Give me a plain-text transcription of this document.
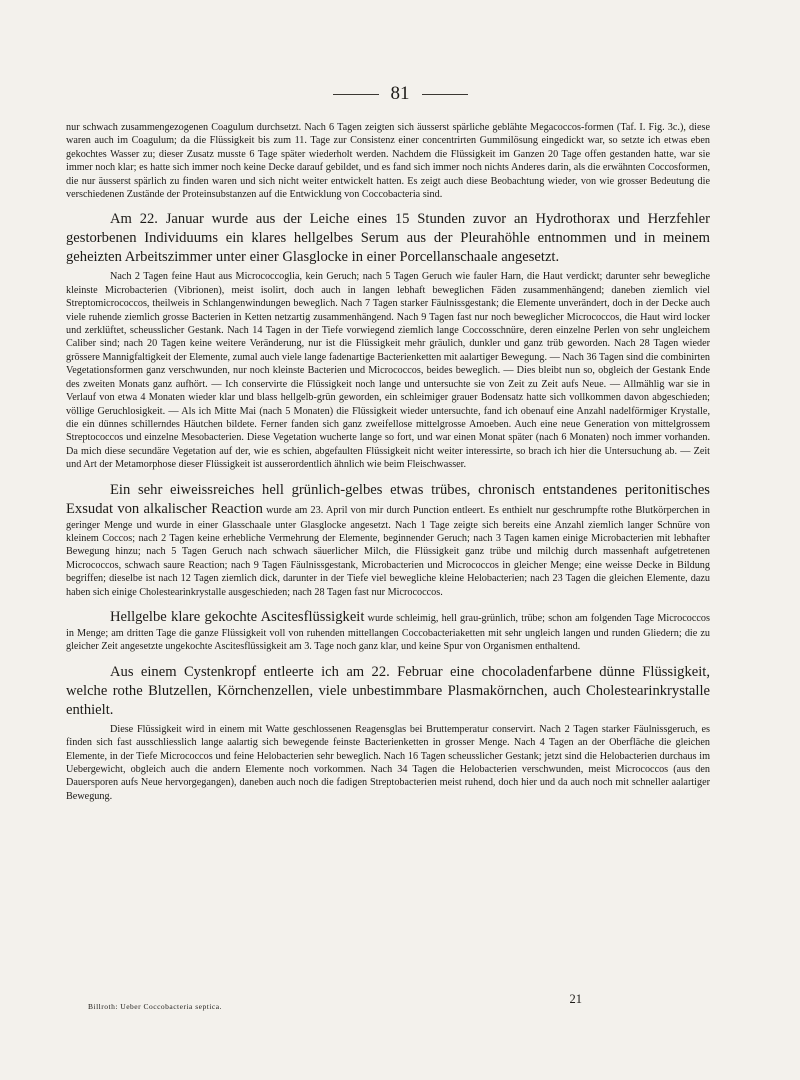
81

nur schwach zusammengezogenen Coagulum durchsetzt. Nach 6 Tagen zeigten sich äusserst spärliche geblähte Megacoccos-formen (Taf. I. Fig. 3c.), diese waren auch im Coagulum; da die Flüssigkeit bis zum 11. Tage zur Consistenz einer concentrirten Gummilösung eingedickt war, so setzte ich etwas eben gekochtes Wasser zu; dieser Zusatz musste 6 Tage später wiederholt werden. Nachdem die Flüssigkeit im Ganzen 20 Tage offen gestanden hatte, war sie immer noch klar; es hatte sich immer noch keine Decke darauf gebildet, und es fand sich immer noch nichts Anderes darin, als die erwähnten Coccosformen, die nur äusserst spärlich zu finden waren und sich nicht weiter entwickelt hatten. Es zeigt auch diese Beobachtung wieder, von wie grosser Bedeutung die verschiedenen Zustände der Proteinsubstanzen auf die Entwicklung von Coccobacteria sind.

Am 22. Januar wurde aus der Leiche eines 15 Stunden zuvor an Hydrothorax und Herzfehler gestorbenen Individuums ein klares hellgelbes Serum aus der Pleurahöhle entnommen und in meinem geheizten Arbeitszimmer unter einer Glasglocke in einer Porcellanschaale angesetzt.

Nach 2 Tagen feine Haut aus Micrococcoglia, kein Geruch; nach 5 Tagen Geruch wie fauler Harn, die Haut verdickt; darunter sehr bewegliche kleinste Microbacterien (Vibrionen), meist isolirt, doch auch in langen lebhaft beweglichen Fäden zusammenhängend; daneben ziemlich viel Streptomicrococcos, theilweis in Schlangenwindungen beweglich. Nach 7 Tagen starker Fäulnissgestank; die Elemente unverändert, doch in der Decke auch viele ruhende ziemlich grosse Bacterien in Ketten netzartig zusammenhängend. Nach 9 Tagen fast nur noch beweglicher Micrococcos, die Haut wird locker und zerklüftet, scheusslicher Gestank. Nach 14 Tagen in der Tiefe vorwiegend ziemlich lange Coccosschnüre, deren einzelne Perlen von sehr ungleichem Caliber sind; nach 20 Tagen keine weitere Veränderung, nur ist die Flüssigkeit mehr gräulich, dunkler und ganz trüb geworden. Nach 28 Tagen wieder grössere Mannigfaltigkeit der Elemente, zumal auch viele lange fadenartige Bacterienketten mit aalartiger Bewegung. — Nach 36 Tagen sind die combinirten Vegetationsformen ganz verschwunden, nur noch kleinste Bacterien und Micrococcos, beides beweglich. — Dies bleibt nun so, obgleich der Gestank Ende des zweiten Monats ganz aufhört. — Ich conservirte die Flüssigkeit noch lange und untersuchte sie von Zeit zu Zeit aufs Neue. — Allmählig war sie in Verlauf von etwa 4 Monaten wieder klar und blass hellgelb-grün geworden, ein schleimiger grauer Bodensatz hatte sich vollkommen davon abgeschieden; völlige Geruchlosigkeit. — Als ich Mitte Mai (nach 5 Monaten) die Flüssigkeit wieder untersuchte, fand ich obenauf eine Anzahl nadelförmiger Krystalle, die ein dünnes schillerndes Häutchen bildete. Ferner fanden sich ganz zweifellose mittelgrosse Amoeben. Auch eine neue Generation von mittelgrossem Streptococcos und einzelne Mesobacterien. Diese Vegetation wucherte lange so fort, und war einen Monat später (nach 6 Monaten) noch immer vorhanden. Da mich diese secundäre Vegetation auf der, wie es schien, abgefaulten Flüssigkeit nicht weiter interessirte, so brach ich hier die Untersuchung ab. — Zeit und Art der Metamorphose dieser Flüssigkeit ist ausserordentlich ähnlich wie beim Fleischwasser.

Ein sehr eiweissreiches hell grünlich-gelbes etwas trübes, chronisch entstandenes peritonitisches Exsudat von alkalischer Reaction wurde am 23. April von mir durch Punction entleert. Es enthielt nur geschrumpfte rothe Blutkörperchen in geringer Menge und wurde in einer Glasschaale unter Glasglocke angesetzt. Nach 1 Tage zeigte sich bereits eine Anzahl ziemlich langer Schnüre von kleinem Coccos; nach 2 Tagen keine erhebliche Vermehrung der Elemente, beginnender Geruch; nach 3 Tagen kamen einige Microbacterien mit lebhafter Bewegung hinzu; nach 5 Tagen Geruch nach schwach säuerlicher Milch, die Flüssigkeit ganz trübe und milchig durch massenhaft aufgetretenen Micrococcos, schwach saure Reaction; nach 9 Tagen Fäulnissgestank, Microbacterien und Micrococcos in gleicher Menge; eine weisse Decke in Bildung begriffen; dieselbe ist nach 12 Tagen ziemlich dick, darunter in der Tiefe viel bewegliche kleine Helobacterien; nach 23 Tagen die gleichen Elemente, dazu haben sich einige Cholestearinkrystalle ausgeschieden; nach 28 Tagen fast nur Micrococcos.

Hellgelbe klare gekochte Ascitesflüssigkeit wurde schleimig, hell grau-grünlich, trübe; schon am folgenden Tage Micrococcos in Menge; am dritten Tage die ganze Flüssigkeit voll von ruhenden mittellangen Coccobacteriaketten mit sehr ungleich langen und runden Gliedern; die zu gleicher Zeit angesetzte ungekochte Ascitesflüssigkeit am 3. Tage noch ganz klar, und keine Spur von Organismen enthaltend.

Aus einem Cystenkropf entleerte ich am 22. Februar eine chocoladenfarbene dünne Flüssigkeit, welche rothe Blutzellen, Körnchenzellen, viele unbestimmbare Plasmakörnchen, auch Cholestearinkrystalle enthielt.

Diese Flüssigkeit wird in einem mit Watte geschlossenen Reagensglas bei Bruttemperatur conservirt. Nach 2 Tagen starker Fäulnissgeruch, es finden sich fast ausschliesslich lange aalartig sich bewegende feinste Bacterienketten in grosser Menge. Nach 4 Tagen an der Oberfläche die gleichen Elemente, in der Tiefe Micrococcos und feine Helobacterien sehr beweglich. Nach 16 Tagen scheusslicher Gestank; jetzt sind die Helobacterien durchaus im Uebergewicht, obgleich auch die andern Elemente noch vorkommen. Nach 34 Tagen die Helobacterien verschwunden, meist Micrococcos (aus den Dauersporen aufs Neue hervorgegangen), daneben auch noch die fadigen Streptobacterien meist ruhend, doch hier und da auch noch mit schneller aalartiger Bewegung.

Billroth: Ueber Coccobacteria septica.
21
